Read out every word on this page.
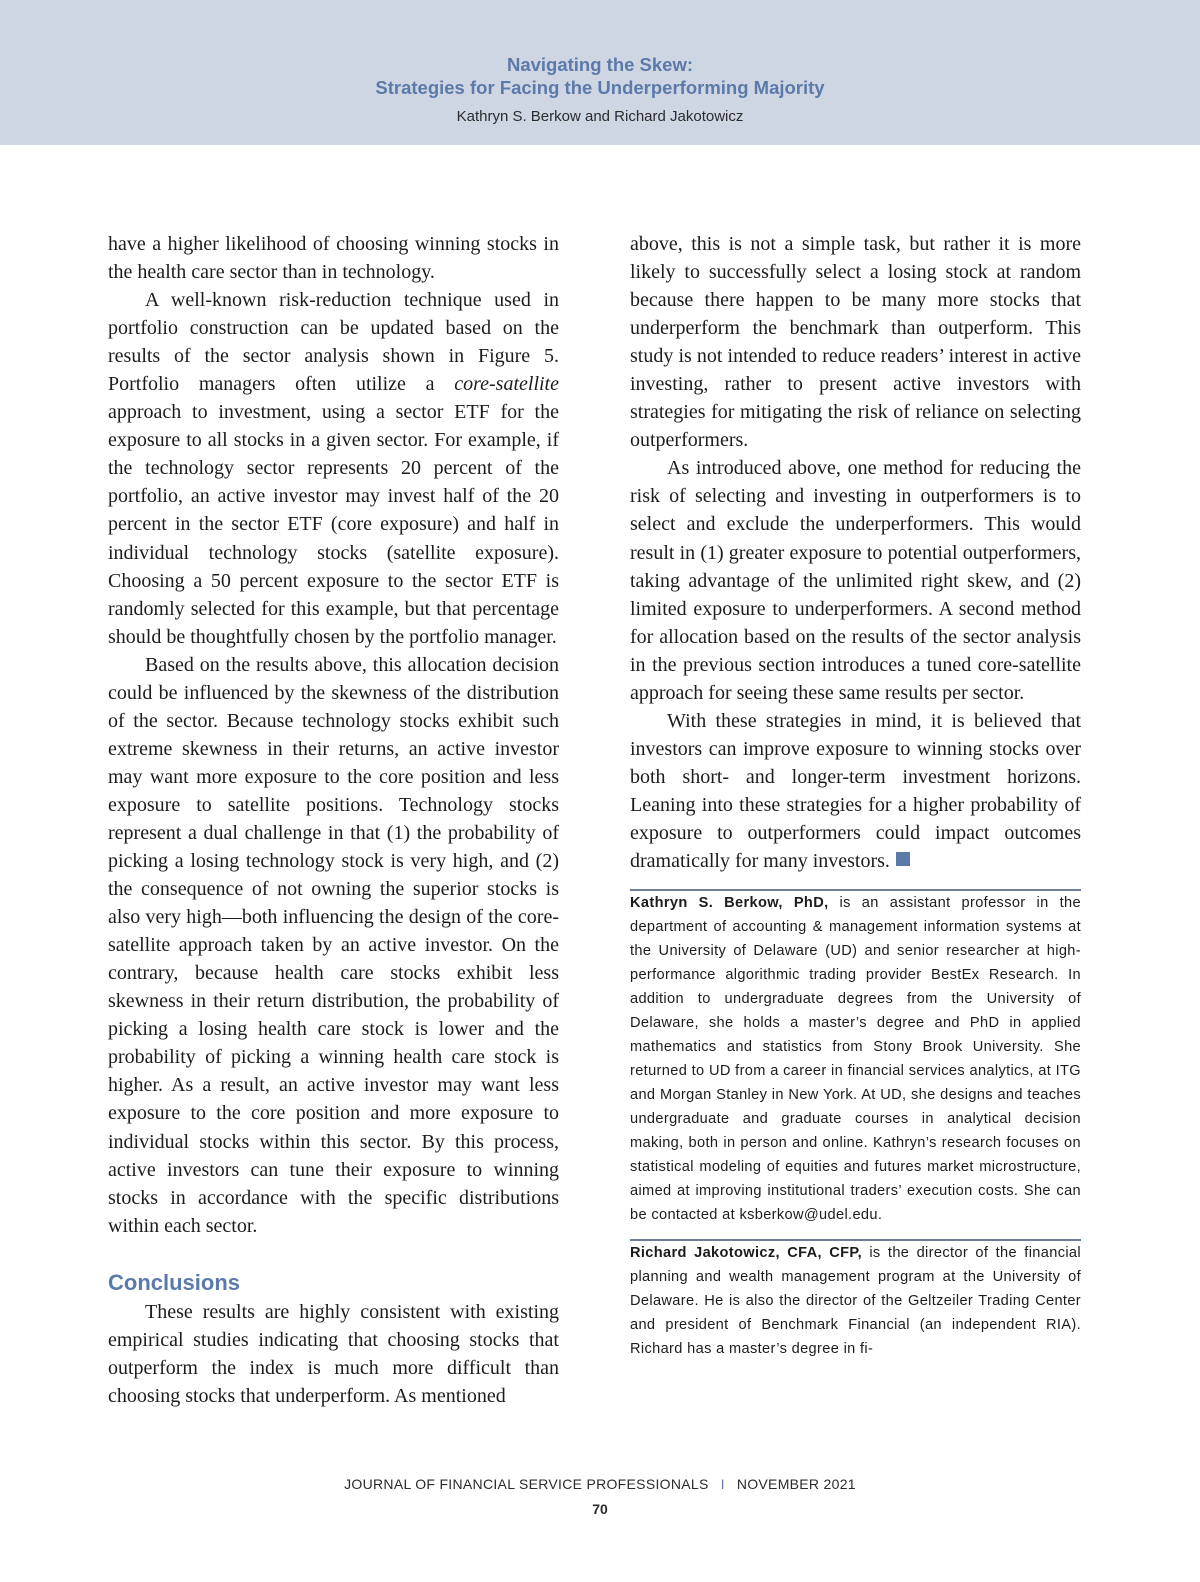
Navigating the Skew:
Strategies for Facing the Underperforming Majority
Kathryn S. Berkow and Richard Jakotowicz

have a higher likelihood of choosing winning stocks in the health care sector than in technology.

A well-known risk-reduction technique used in portfolio construction can be updated based on the results of the sector analysis shown in Figure 5. Portfolio managers often utilize a core-satellite approach to investment, using a sector ETF for the exposure to all stocks in a given sector. For example, if the technology sector represents 20 percent of the portfolio, an active investor may invest half of the 20 percent in the sector ETF (core exposure) and half in individual technology stocks (satellite exposure). Choosing a 50 percent exposure to the sector ETF is randomly selected for this example, but that percentage should be thoughtfully chosen by the portfolio manager.

Based on the results above, this allocation decision could be influenced by the skewness of the distribution of the sector. Because technology stocks exhibit such extreme skewness in their returns, an active investor may want more exposure to the core position and less exposure to satellite positions. Technology stocks represent a dual challenge in that (1) the probability of picking a losing technology stock is very high, and (2) the consequence of not owning the superior stocks is also very high—both influencing the design of the core-satellite approach taken by an active investor. On the contrary, because health care stocks exhibit less skewness in their return distribution, the probability of picking a losing health care stock is lower and the probability of picking a winning health care stock is higher. As a result, an active investor may want less exposure to the core position and more exposure to individual stocks within this sector. By this process, active investors can tune their exposure to winning stocks in accordance with the specific distributions within each sector.

Conclusions

These results are highly consistent with existing empirical studies indicating that choosing stocks that outperform the index is much more difficult than choosing stocks that underperform. As mentioned

above, this is not a simple task, but rather it is more likely to successfully select a losing stock at random because there happen to be many more stocks that underperform the benchmark than outperform. This study is not intended to reduce readers’ interest in active investing, rather to present active investors with strategies for mitigating the risk of reliance on selecting outperformers.

As introduced above, one method for reducing the risk of selecting and investing in outperformers is to select and exclude the underperformers. This would result in (1) greater exposure to potential outperformers, taking advantage of the unlimited right skew, and (2) limited exposure to underperformers. A second method for allocation based on the results of the sector analysis in the previous section introduces a tuned core-satellite approach for seeing these same results per sector.

With these strategies in mind, it is believed that investors can improve exposure to winning stocks over both short- and longer-term investment horizons. Leaning into these strategies for a higher probability of exposure to outperformers could impact outcomes dramatically for many investors.

Kathryn S. Berkow, PhD, is an assistant professor in the department of accounting & management information systems at the University of Delaware (UD) and senior researcher at high-performance algorithmic trading provider BestEx Research. In addition to undergraduate degrees from the University of Delaware, she holds a master’s degree and PhD in applied mathematics and statistics from Stony Brook University. She returned to UD from a career in financial services analytics, at ITG and Morgan Stanley in New York. At UD, she designs and teaches undergraduate and graduate courses in analytical decision making, both in person and online. Kathryn’s research focuses on statistical modeling of equities and futures market microstructure, aimed at improving institutional traders’ execution costs. She can be contacted at ksberkow@udel.edu.

Richard Jakotowicz, CFA, CFP, is the director of the financial planning and wealth management program at the University of Delaware. He is also the director of the Geltzeiler Trading Center and president of Benchmark Financial (an independent RIA). Richard has a master’s degree in fi-

JOURNAL OF FINANCIAL SERVICE PROFESSIONALS I NOVEMBER 2021
70
